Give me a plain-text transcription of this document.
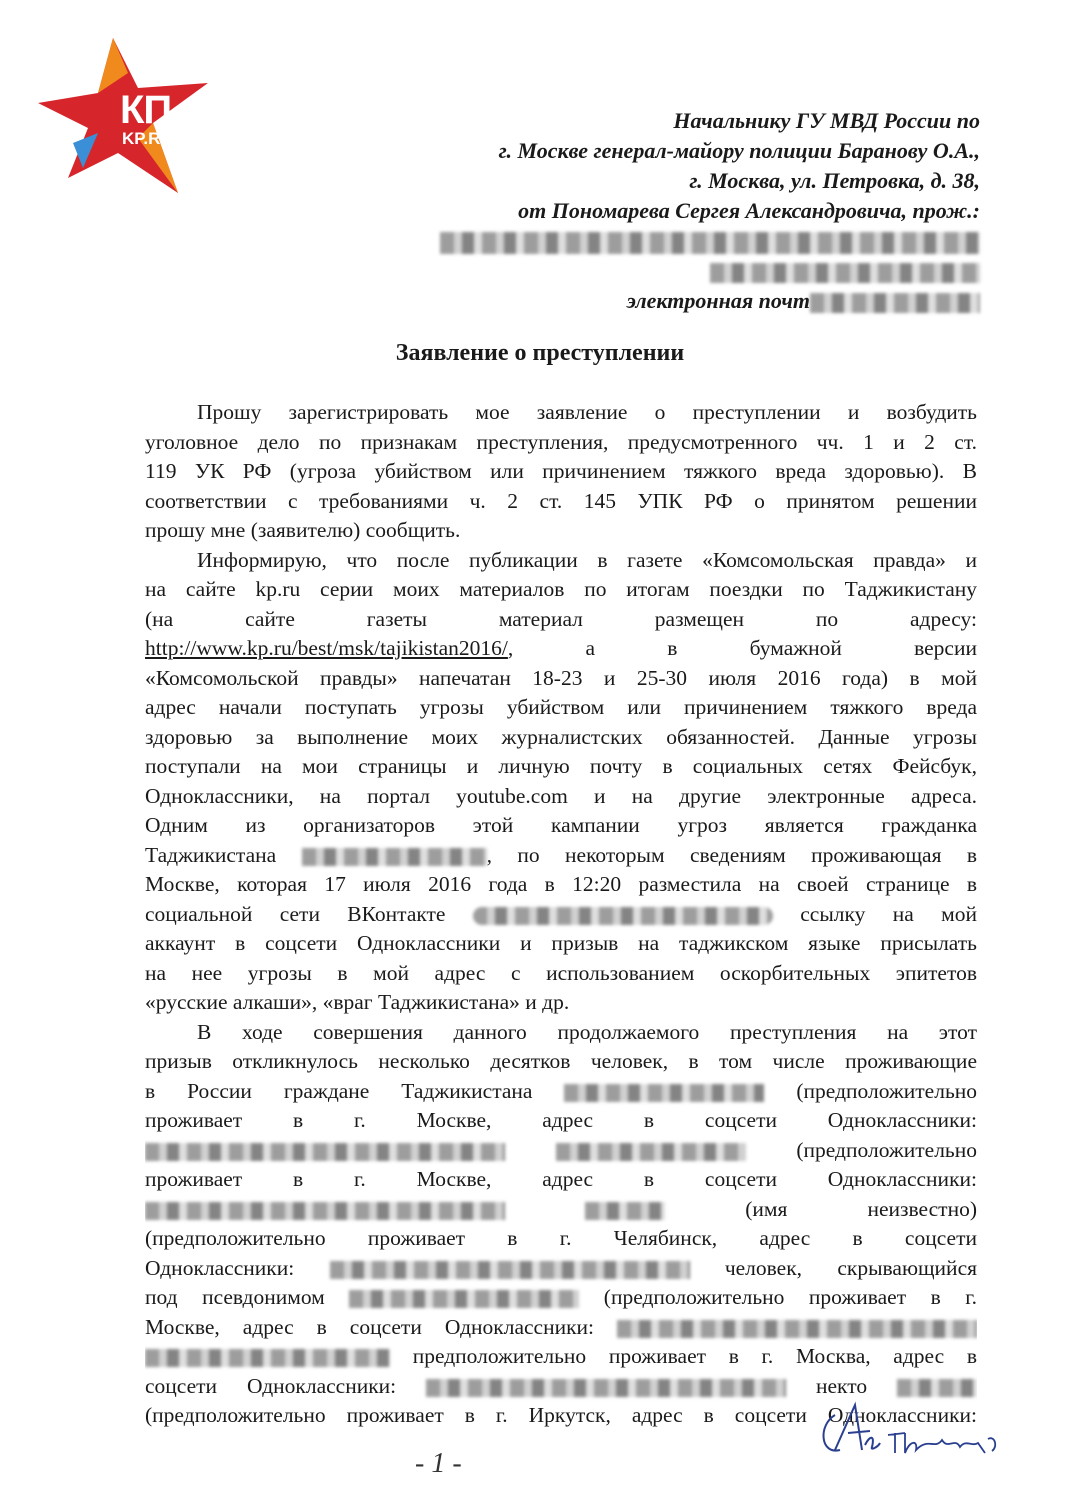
КП
KP.RU
Начальнику ГУ МВД России по
г. Москве генерал-майору полиции Баранову О.А.,
г. Москва, ул. Петровка, д. 38,
от Пономарева Сергея Александровича, прож.:
электронная почт
Заявление о преступлении
Прошу зарегистрировать мое заявление о преступлении и возбудить
уголовное дело по признакам преступления, предусмотренного чч. 1 и 2 ст.
119 УК РФ (угроза убийством или причинением тяжкого вреда здоровью). В
соответствии с требованиями ч. 2 ст. 145 УПК РФ о принятом решении
прошу мне (заявителю) сообщить.
Информирую, что после публикации в газете «Комсомольская правда» и
на сайте kp.ru серии моих материалов по итогам поездки по Таджикистану
(на сайте газеты материал размещен по адресу:
http://www.kp.ru/best/msk/tajikistan2016/, а в бумажной версии
«Комсомольской правды» напечатан 18-23 и 25-30 июля 2016 года) в мой
адрес начали поступать угрозы убийством или причинением тяжкого вреда
здоровью за выполнение моих журналистских обязанностей. Данные угрозы
поступали на мои страницы и личную почту в социальных сетях Фейсбук,
Одноклассники, на портал youtube.com и на другие электронные адреса.
Одним из организаторов этой кампании угроз является гражданка
Таджикистана	, по некоторым сведениям проживающая в
Москве, которая 17 июля 2016 года в 12:20 разместила на своей странице в
социальной сети ВКонтакте	ссылку на мой
аккаунт в соцсети Одноклассники и призыв на таджикском языке присылать
на нее угрозы в мой адрес с использованием оскорбительных эпитетов
«русские алкаши», «враг Таджикистана» и др.
В ходе совершения данного продолжаемого преступления на этот
призыв откликнулось несколько десятков человек, в том числе проживающие
в России граждане Таджикистана	(предположительно
проживает в г. Москве, адрес в соцсети Одноклассники:
(предположительно
проживает в г. Москве, адрес в соцсети Одноклассники:
(имя неизвестно)
(предположительно проживает в г. Челябинск, адрес в соцсети
Одноклассники:	человек, скрывающийся
под псевдонимом	(предположительно проживает в г.
Москве, адрес в соцсети Одноклассники:
предположительно проживает в г. Москва, адрес в
соцсети Одноклассники:	некто
(предположительно проживает в г. Иркутск, адрес в соцсети Одноклассники:
- 1 -
